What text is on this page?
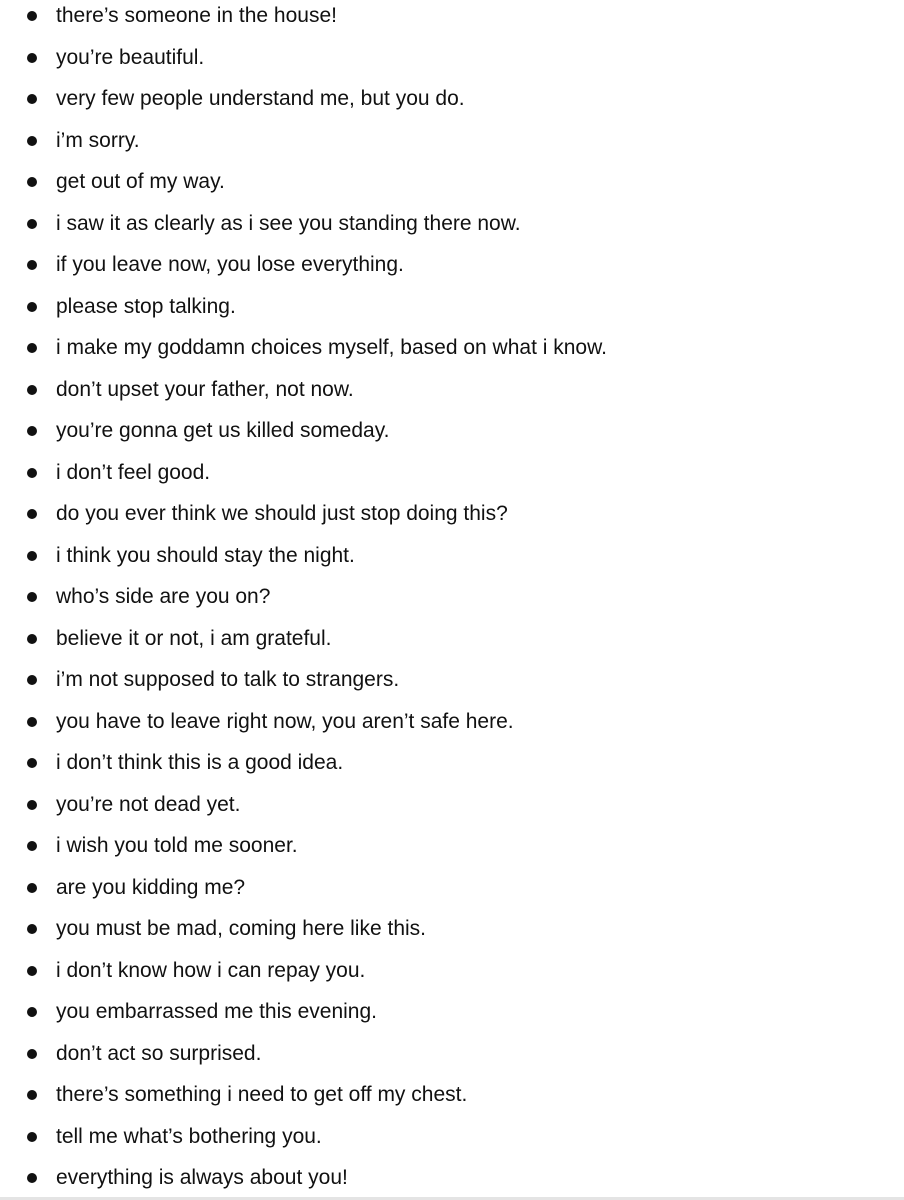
there’s someone in the house!
you’re beautiful.
very few people understand me, but you do.
i’m sorry.
get out of my way.
i saw it as clearly as i see you standing there now.
if you leave now, you lose everything.
please stop talking.
i make my goddamn choices myself, based on what i know.
don’t upset your father, not now.
you’re gonna get us killed someday.
i don’t feel good.
do you ever think we should just stop doing this?
i think you should stay the night.
who’s side are you on?
believe it or not, i am grateful.
i’m not supposed to talk to strangers.
you have to leave right now, you aren’t safe here.
i don’t think this is a good idea.
you’re not dead yet.
i wish you told me sooner.
are you kidding me?
you must be mad, coming here like this.
i don’t know how i can repay you.
you embarrassed me this evening.
don’t act so surprised.
there’s something i need to get off my chest.
tell me what’s bothering you.
everything is always about you!
